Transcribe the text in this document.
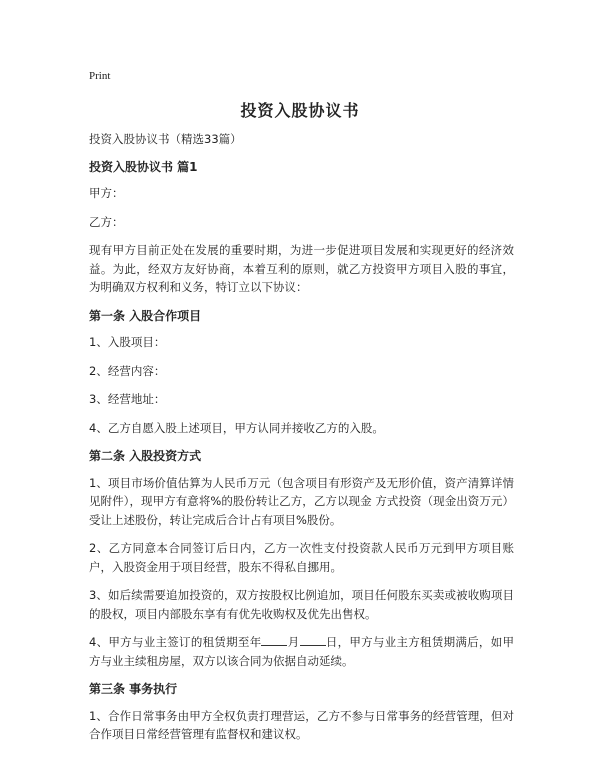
Print
投资入股协议书

投资入股协议书（精选33篇）

投资入股协议书 篇1

甲方：

乙方：

现有甲方目前正处在发展的重要时期，为进一步促进项目发展和实现更好的经济效益。为此，经双方友好协商，本着互利的原则，就乙方投资甲方项目入股的事宜，为明确双方权利和义务，特订立以下协议：

第一条 入股合作项目

1、入股项目：

2、经营内容：

3、经营地址：

4、乙方自愿入股上述项目，甲方认同并接收乙方的入股。

第二条 入股投资方式

1、项目市场价值估算为人民币万元（包含项目有形资产及无形价值，资产清算详情见附件），现甲方有意将%的股份转让乙方，乙方以现金 方式投资（现金出资万元）受让上述股份，转让完成后合计占有项目%股份。

2、乙方同意本合同签订后日内，乙方一次性支付投资款人民币万元到甲方项目账户，入股资金用于项目经营，股东不得私自挪用。

3、如后续需要追加投资的，双方按股权比例追加，项目任何股东买卖或被收购项目的股权，项目内部股东享有有优先收购权及优先出售权。

4、甲方与业主签订的租赁期至年 月 日，甲方与业主方租赁期满后，如甲方与业主续租房屋，双方以该合同为依据自动延续。

第三条 事务执行

1、合作日常事务由甲方全权负责打理营运，乙方不参与日常事务的经营管理，但对合作项目日常经营管理有监督权和建议权。
